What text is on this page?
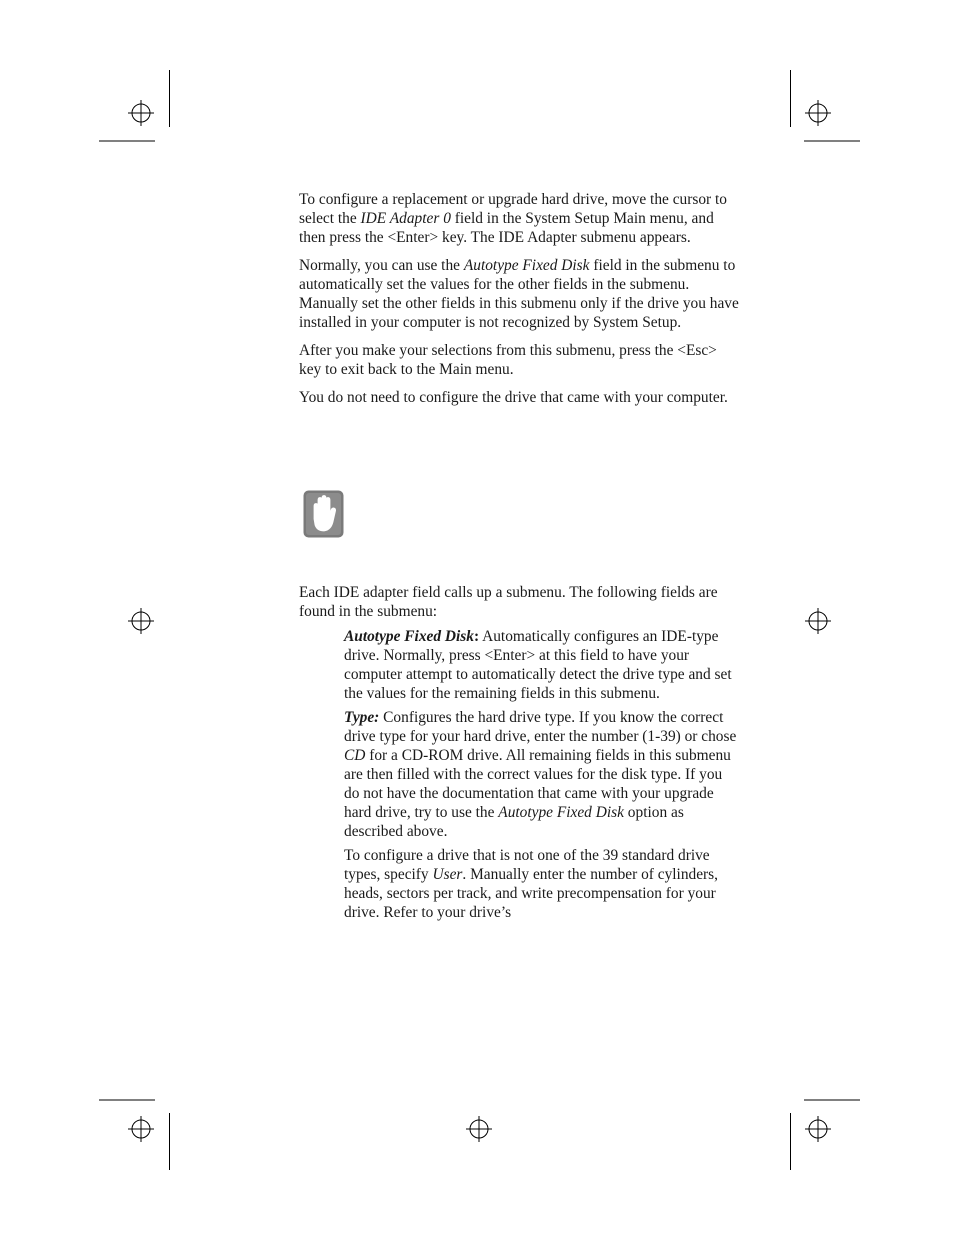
To configure a replacement or upgrade hard drive, move the cursor to select the IDE Adapter 0 field in the System Setup Main menu, and then press the <Enter> key. The IDE Adapter submenu appears.

Normally, you can use the Autotype Fixed Disk field in the submenu to automatically set the values for the other fields in the submenu. Manually set the other fields in this submenu only if the drive you have installed in your computer is not recognized by System Setup.

After you make your selections from this submenu, press the <Esc> key to exit back to the Main menu.

You do not need to configure the drive that came with your computer.

Each IDE adapter field calls up a submenu. The following fields are found in the submenu:

Autotype Fixed Disk: Automatically configures an IDE-type drive. Normally, press <Enter> at this field to have your computer attempt to automatically detect the drive type and set the values for the remaining fields in this submenu.

Type: Configures the hard drive type. If you know the correct drive type for your hard drive, enter the number (1-39) or chose CD for a CD-ROM drive. All remaining fields in this submenu are then filled with the correct values for the disk type. If you do not have the documentation that came with your upgrade hard drive, try to use the Autotype Fixed Disk option as described above.

To configure a drive that is not one of the 39 standard drive types, specify User. Manually enter the number of cylinders, heads, sectors per track, and write precompensation for your drive. Refer to your drive’s
